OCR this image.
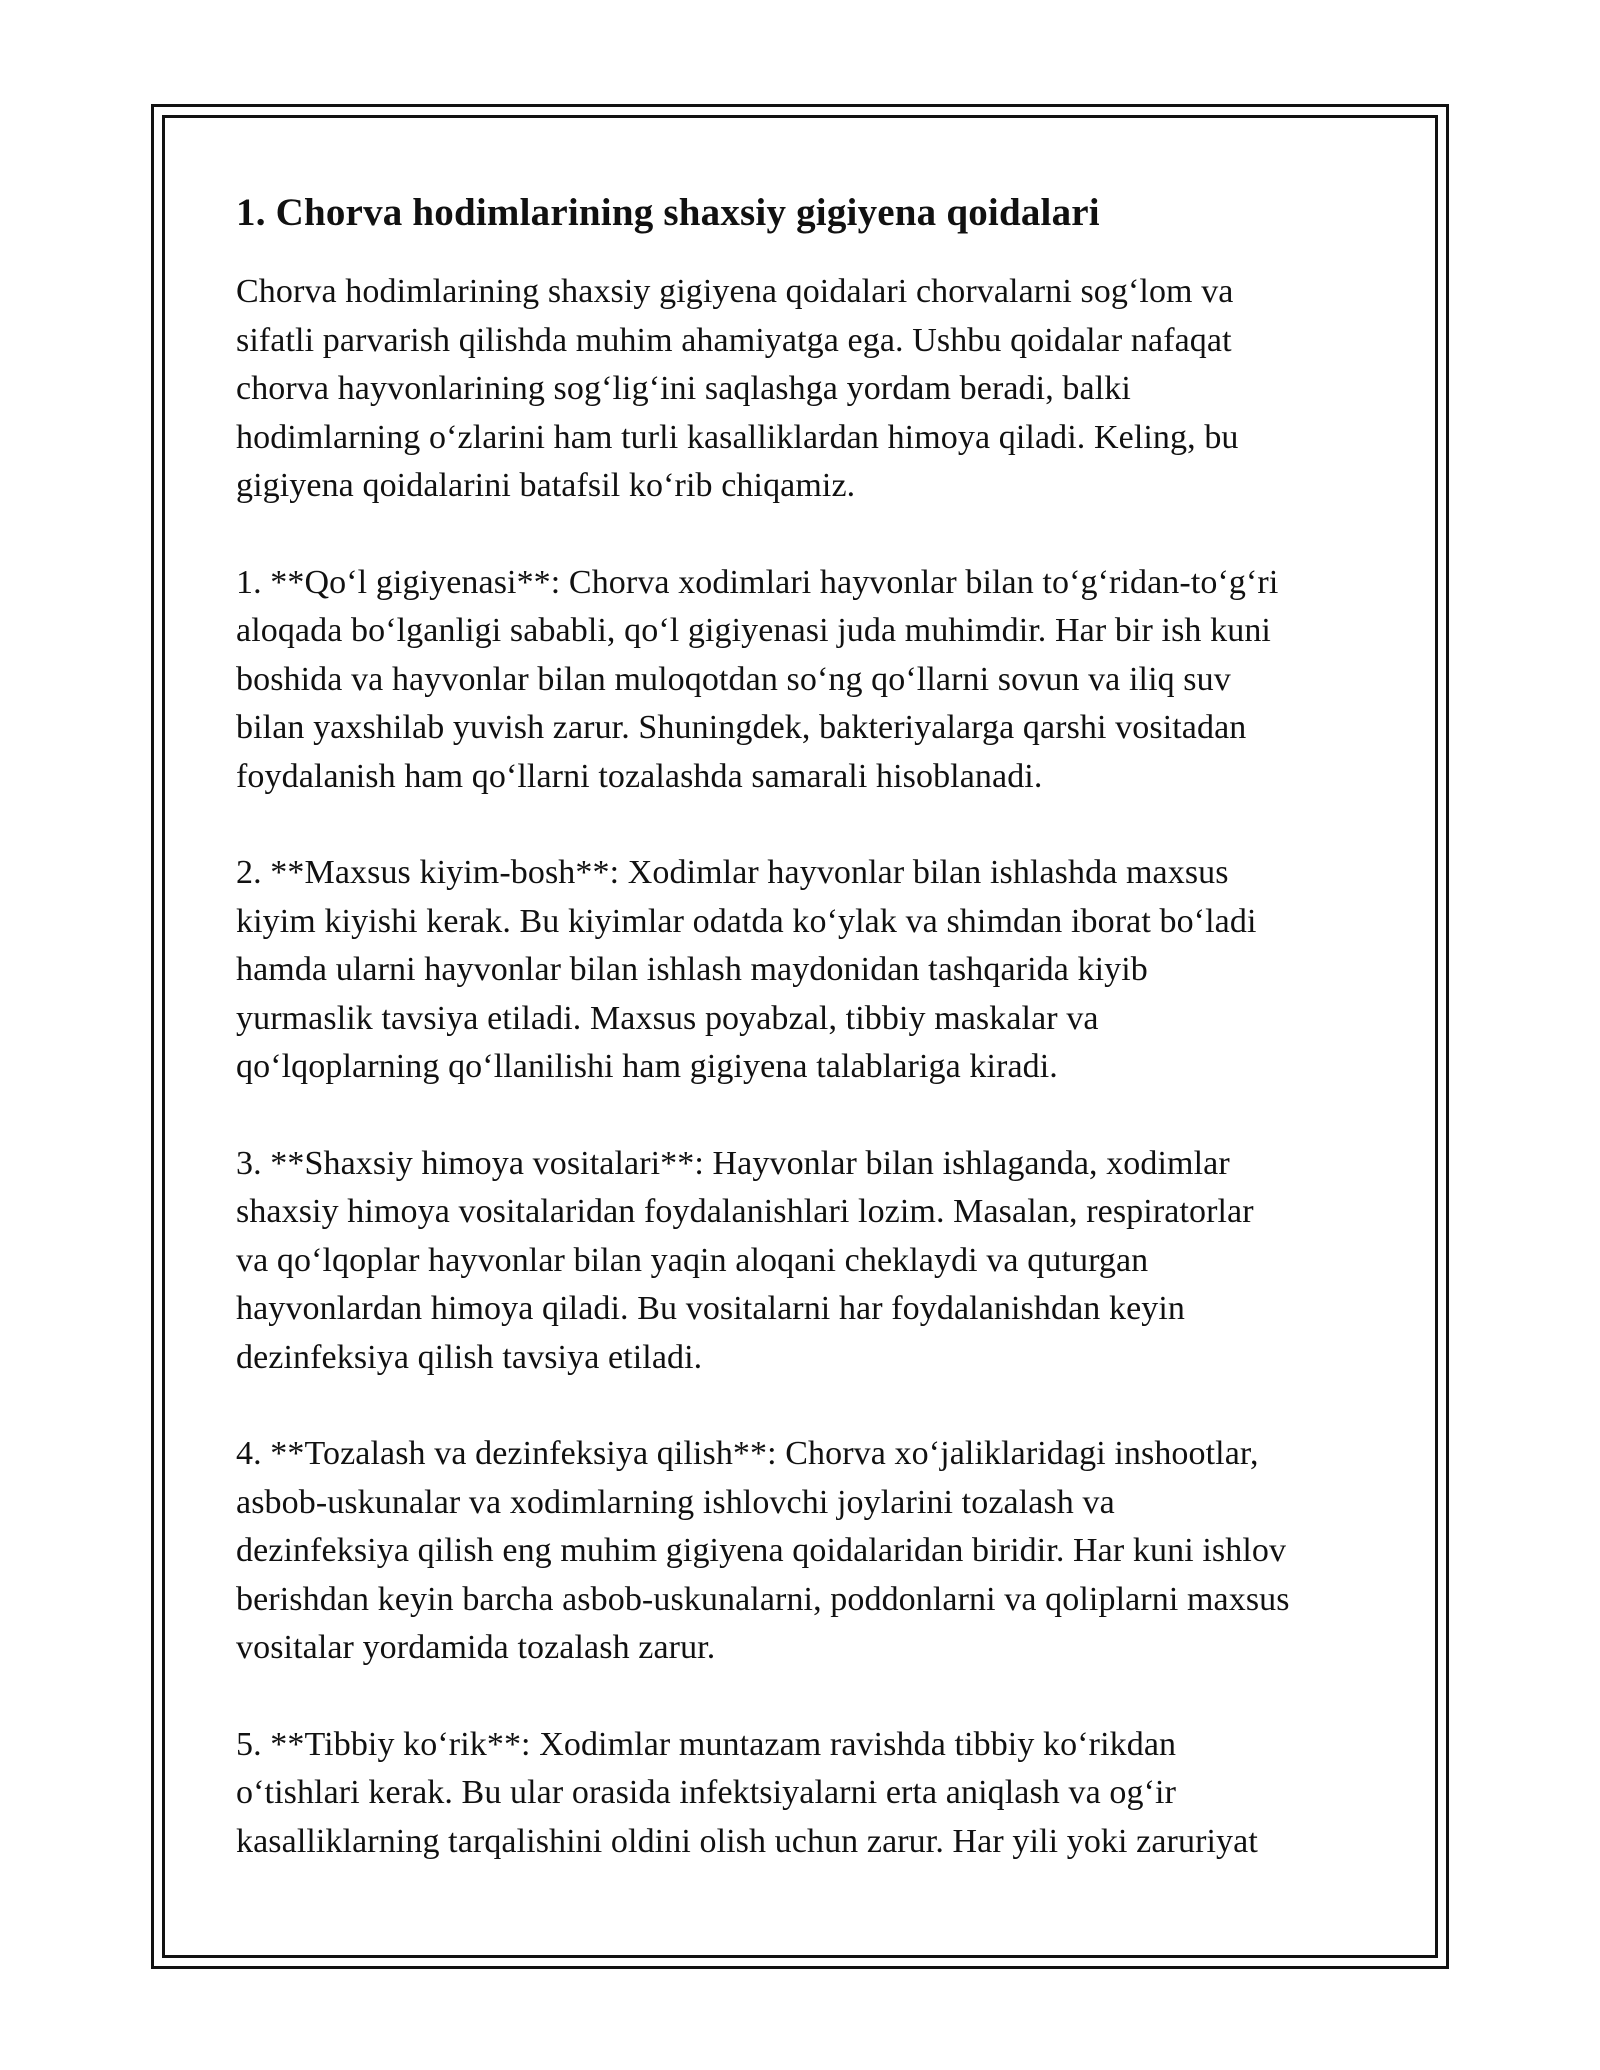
1. Chorva hodimlarining shaxsiy gigiyena qoidalari

Chorva hodimlarining shaxsiy gigiyena qoidalari chorvalarni sog‘lom va
sifatli parvarish qilishda muhim ahamiyatga ega. Ushbu qoidalar nafaqat
chorva hayvonlarining sog‘lig‘ini saqlashga yordam beradi, balki
hodimlarning o‘zlarini ham turli kasalliklardan himoya qiladi. Keling, bu
gigiyena qoidalarini batafsil ko‘rib chiqamiz.

1. **Qo‘l gigiyenasi**: Chorva xodimlari hayvonlar bilan to‘g‘ridan-to‘g‘ri
aloqada bo‘lganligi sababli, qo‘l gigiyenasi juda muhimdir. Har bir ish kuni
boshida va hayvonlar bilan muloqotdan so‘ng qo‘llarni sovun va iliq suv
bilan yaxshilab yuvish zarur. Shuningdek, bakteriyalarga qarshi vositadan
foydalanish ham qo‘llarni tozalashda samarali hisoblanadi.

2. **Maxsus kiyim-bosh**: Xodimlar hayvonlar bilan ishlashda maxsus
kiyim kiyishi kerak. Bu kiyimlar odatda ko‘ylak va shimdan iborat bo‘ladi
hamda ularni hayvonlar bilan ishlash maydonidan tashqarida kiyib
yurmaslik tavsiya etiladi. Maxsus poyabzal, tibbiy maskalar va
qo‘lqoplarning qo‘llanilishi ham gigiyena talablariga kiradi.

3. **Shaxsiy himoya vositalari**: Hayvonlar bilan ishlaganda, xodimlar
shaxsiy himoya vositalaridan foydalanishlari lozim. Masalan, respiratorlar
va qo‘lqoplar hayvonlar bilan yaqin aloqani cheklaydi va quturgan
hayvonlardan himoya qiladi. Bu vositalarni har foydalanishdan keyin
dezinfeksiya qilish tavsiya etiladi.

4. **Tozalash va dezinfeksiya qilish**: Chorva xo‘jaliklaridagi inshootlar,
asbob-uskunalar va xodimlarning ishlovchi joylarini tozalash va
dezinfeksiya qilish eng muhim gigiyena qoidalaridan biridir. Har kuni ishlov
berishdan keyin barcha asbob-uskunalarni, poddonlarni va qoliplarni maxsus
vositalar yordamida tozalash zarur.

5. **Tibbiy ko‘rik**: Xodimlar muntazam ravishda tibbiy ko‘rikdan
o‘tishlari kerak. Bu ular orasida infektsiyalarni erta aniqlash va og‘ir
kasalliklarning tarqalishini oldini olish uchun zarur. Har yili yoki zaruriyat
